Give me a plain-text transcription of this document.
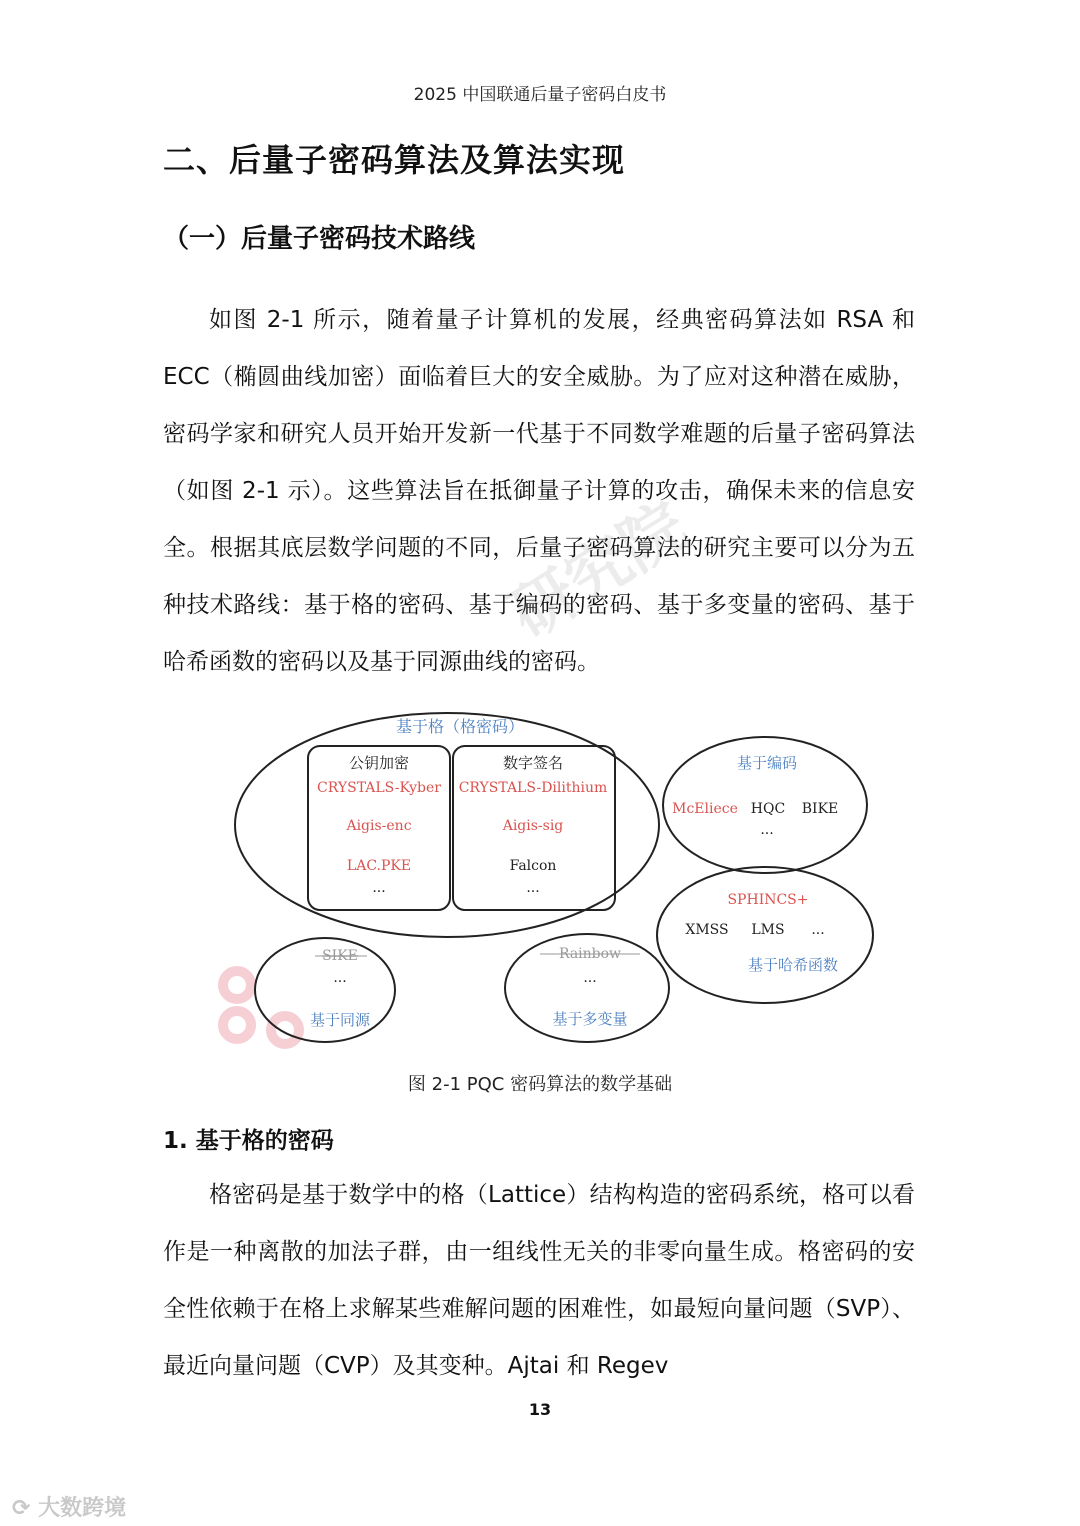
2025 中国联通后量子密码白皮书
二、后量子密码算法及算法实现
（一）后量子密码技术路线
如图 2-1 所示，随着量子计算机的发展，经典密码算法如 RSA 和 ECC（椭圆曲线加密）面临着巨大的安全威胁。为了应对这种潜在威胁，密码学家和研究人员开始开发新一代基于不同数学难题的后量子密码算法（如图 2-1 示）。这些算法旨在抵御量子计算的攻击，确保未来的信息安全。根据其底层数学问题的不同，后量子密码算法的研究主要可以分为五种技术路线：基于格的密码、基于编码的密码、基于多变量的密码、基于哈希函数的密码以及基于同源曲线的密码。
研究院
基于格（格密码）
公钥加密
CRYSTALS-Kyber
Aigis-enc
LAC.PKE
...
数字签名
CRYSTALS-Dilithium
Aigis-sig
Falcon
...
基于编码
McEliece HQC BIKE
...
SPHINCS+
XMSS LMS ...
基于哈希函数
SIKE
...
基于同源
Rainbow
...
基于多变量
图 2-1 PQC 密码算法的数学基础
1. 基于格的密码
格密码是基于数学中的格（Lattice）结构构造的密码系统，格可以看作是一种离散的加法子群，由一组线性无关的非零向量生成。格密码的安全性依赖于在格上求解某些难解问题的困难性，如最短向量问题（SVP）、最近向量问题（CVP）及其变种。Ajtai 和 Regev
13
⟳ 大数跨境
